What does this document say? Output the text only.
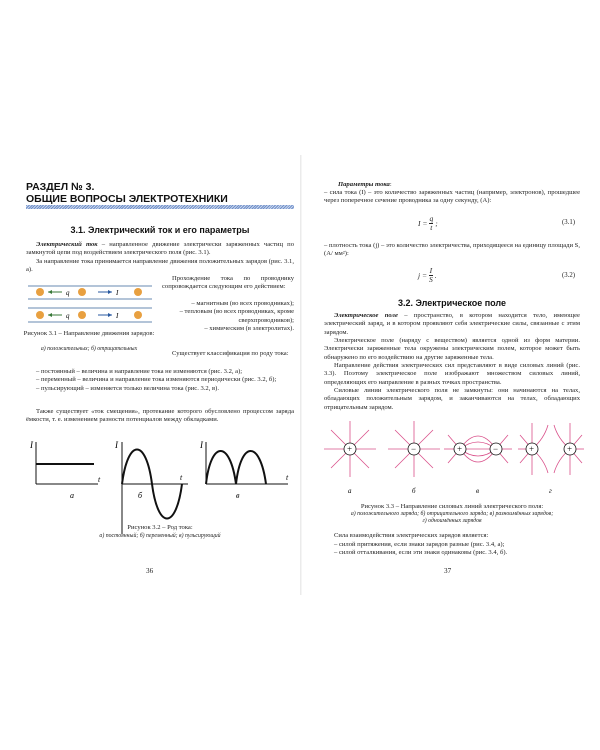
РАЗДЕЛ № 3.
ОБЩИЕ ВОПРОСЫ ЭЛЕКТРОТЕХНИКИ
3.1. Электрический ток и его параметры
Электрический ток – направленное движение электрически заряженных частиц по замкнутой цепи под воздействием электрического поля (рис. 3.1).
За направление тока принимается направление движения положительных зарядов (рис. 3.1, а).
q	I
q	I
Рисунок 3.1 – Направление движения зарядов:
а) положительных; б) отрицательных
Прохождение тока по проводнику сопровождается следующим его действием:
– магнитным (во всех проводниках);
– тепловым (во всех проводниках, кроме сверхпроводников);
– химическим (в электролитах).
Существует классификация по роду тока:
– постоянный – величина и направление тока не изменяются (рис. 3.2, а);
– переменный – величина и направление тока изменяются периодически (рис. 3.2, б);
– пульсирующий – изменяется только величина тока (рис. 3.2, в).
Также существует «ток смещения», протекание которого обусловлено процессом заряда ёмкости, т. е. изменением разности потенциалов между обкладками.
I
t
а
I
t
б
I
t
в
Рисунок 3.2 – Род тока:
а) постоянный; б) переменный; в) пульсирующий
36
Параметры тока:
– сила тока (I) – это количество заряженных частиц (например, электронов), прошедшее через поперечное сечение проводника за одну секунду, (А):
I =	
q
t	;	(3.1)
– плотность тока (j) – это количество электричества, приходящееся на единицу площади S, (А/ мм²):
j =	
I
S	.	(3.2)
3.2. Электрическое поле
Электрическое поле – пространство, в котором находится тело, имеющее электрический заряд, и в котором проявляют себя электрические силы, связанные с этим зарядом.
Электрическое поле (наряду с веществом) является одной из форм материи. Электрически заряженные тела окружены электрическим полем, которое может быть обнаружено по его воздействию на другие заряженные тела.
Направление действия электрических сил представляют в виде силовых линий (рис. 3.3). Поэтому электрическое поле изображают множеством силовых линий, определяющих его направление в разных точках пространства.
Силовые линии электрического поля не замкнуты: они начинаются на телах, обладающих положительным зарядом, и заканчиваются на телах, обладающих отрицательным зарядом.
+	−	+	−	+	+
а	б	в	г
Рисунок 3.3 – Направление силовых линий электрического поля:
а) положительного заряда; б) отрицательного заряда; в) разноимённых зарядов;
г) одноимённых зарядов
Сила взаимодействия электрических зарядов является:
– силой притяжения, если знаки зарядов разные (рис. 3.4, а);
– силой отталкивания, если эти знаки одинаковы (рис. 3.4, б).
37
